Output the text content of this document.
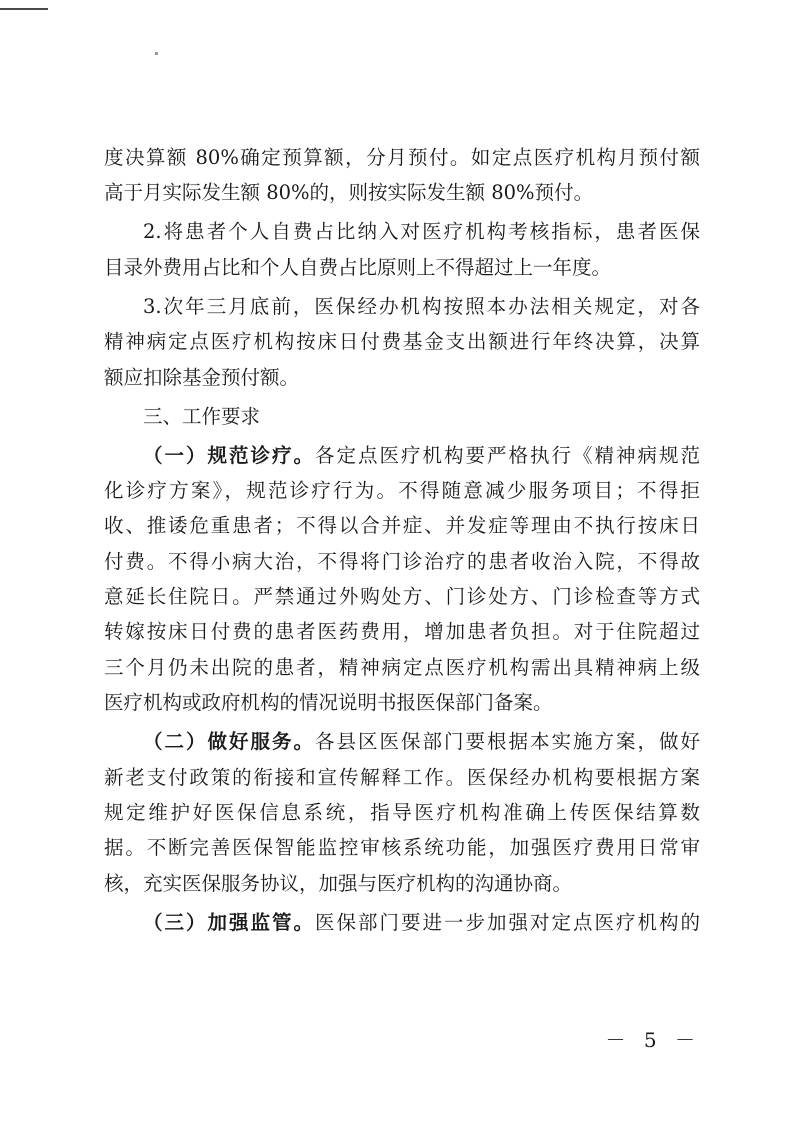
度决算额 80%确定预算额，分月预付。如定点医疗机构月预付额
高于月实际发生额 80%的，则按实际发生额 80%预付。
2.将患者个人自费占比纳入对医疗机构考核指标，患者医保
目录外费用占比和个人自费占比原则上不得超过上一年度。
3.次年三月底前，医保经办机构按照本办法相关规定，对各
精神病定点医疗机构按床日付费基金支出额进行年终决算，决算
额应扣除基金预付额。
三、工作要求
（一）规范诊疗。各定点医疗机构要严格执行《精神病规范
化诊疗方案》，规范诊疗行为。不得随意减少服务项目；不得拒
收、推诿危重患者；不得以合并症、并发症等理由不执行按床日
付费。不得小病大治，不得将门诊治疗的患者收治入院，不得故
意延长住院日。严禁通过外购处方、门诊处方、门诊检查等方式
转嫁按床日付费的患者医药费用，增加患者负担。对于住院超过
三个月仍未出院的患者，精神病定点医疗机构需出具精神病上级
医疗机构或政府机构的情况说明书报医保部门备案。
（二）做好服务。各县区医保部门要根据本实施方案，做好
新老支付政策的衔接和宣传解释工作。医保经办机构要根据方案
规定维护好医保信息系统，指导医疗机构准确上传医保结算数
据。不断完善医保智能监控审核系统功能，加强医疗费用日常审
核，充实医保服务协议，加强与医疗机构的沟通协商。
（三）加强监管。医保部门要进一步加强对定点医疗机构的
－ 5 －
